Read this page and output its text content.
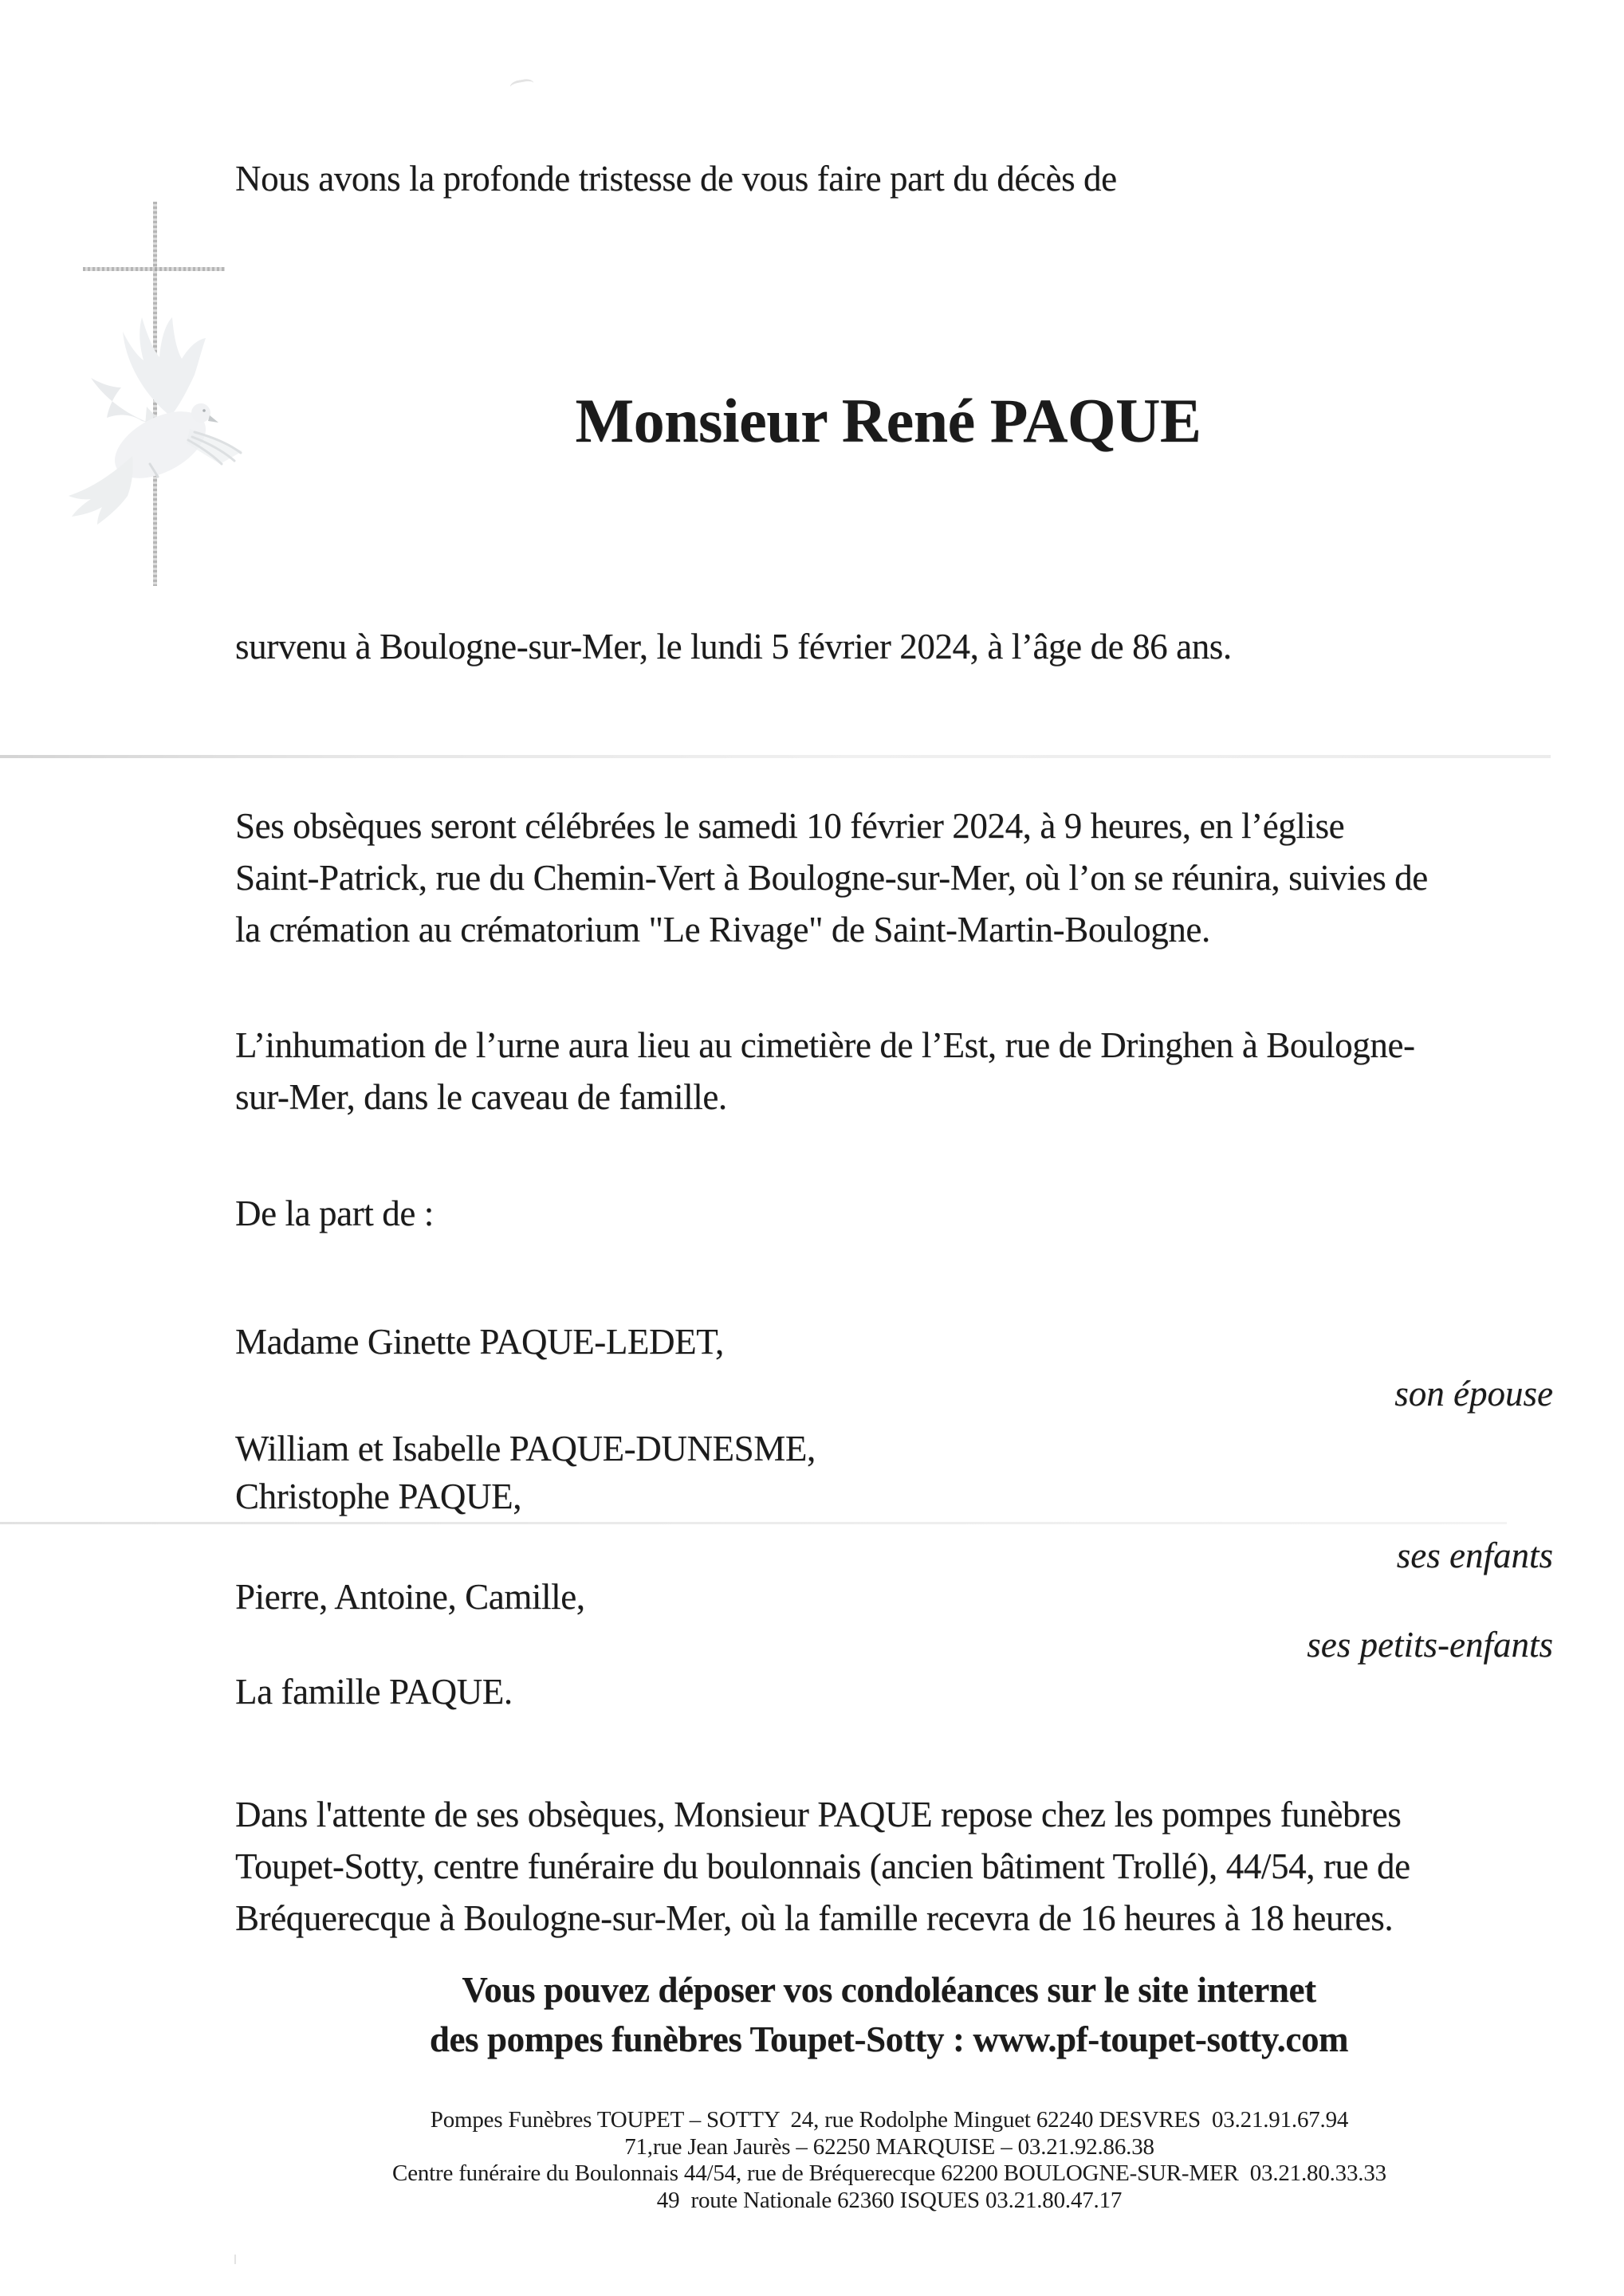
Nous avons la profonde tristesse de vous faire part du décès de
Monsieur René PAQUE
survenu à Boulogne-sur-Mer, le lundi 5 février 2024, à l’âge de 86 ans.
Ses obsèques seront célébrées le samedi 10 février 2024, à 9 heures, en l’église
Saint-Patrick, rue du Chemin-Vert à Boulogne-sur-Mer, où l’on se réunira, suivies de
la crémation au crématorium "Le Rivage" de Saint-Martin-Boulogne.
L’inhumation de l’urne aura lieu au cimetière de l’Est, rue de Dringhen à Boulogne-
sur-Mer, dans le caveau de famille.
De la part de :
Madame Ginette PAQUE-LEDET,
son épouse
William et Isabelle PAQUE-DUNESME,
Christophe PAQUE,
ses enfants
Pierre, Antoine, Camille,
ses petits-enfants
La famille PAQUE.
Dans l'attente de ses obsèques, Monsieur PAQUE repose chez les pompes funèbres
Toupet-Sotty, centre funéraire du boulonnais (ancien bâtiment Trollé), 44/54, rue de
Bréquerecque à Boulogne-sur-Mer, où la famille recevra de 16 heures à 18 heures.
Vous pouvez déposer vos condoléances sur le site internet
des pompes funèbres Toupet-Sotty : www.pf-toupet-sotty.com
Pompes Funèbres TOUPET – SOTTY  24, rue Rodolphe Minguet 62240 DESVRES  03.21.91.67.94
71,rue Jean Jaurès – 62250 MARQUISE – 03.21.92.86.38
Centre funéraire du Boulonnais 44/54, rue de Bréquerecque 62200 BOULOGNE-SUR-MER  03.21.80.33.33
49  route Nationale 62360 ISQUES 03.21.80.47.17
